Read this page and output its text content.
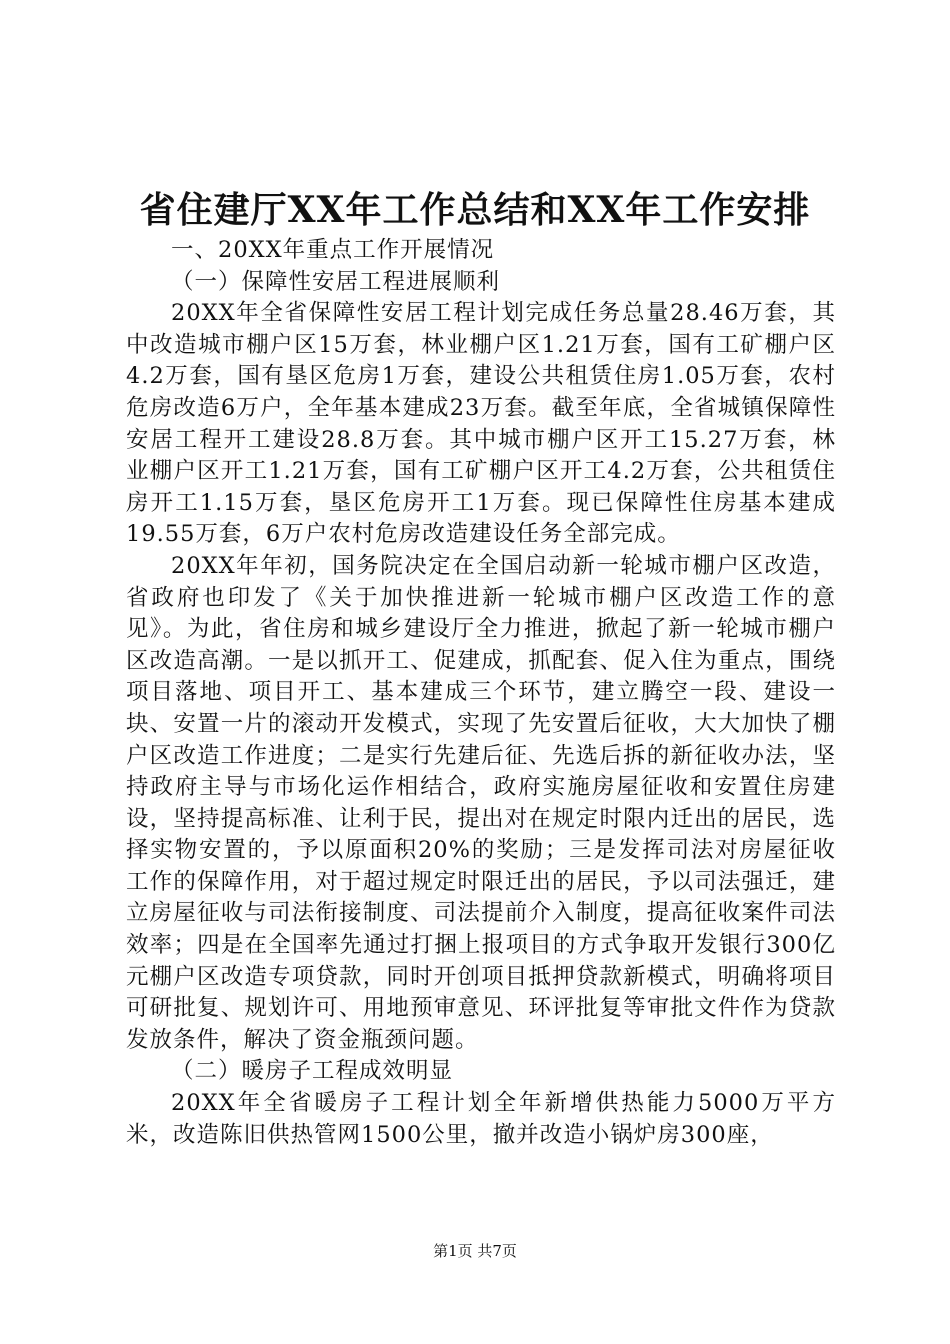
省住建厅XX年工作总结和XX年工作安排

一、20XX年重点工作开展情况

（一）保障性安居工程进展顺利

20XX年全省保障性安居工程计划完成任务总量28.46万套，其中改造城市棚户区15万套，林业棚户区1.21万套，国有工矿棚户区4.2万套，国有垦区危房1万套，建设公共租赁住房1.05万套，农村危房改造6万户，全年基本建成23万套。截至年底，全省城镇保障性安居工程开工建设28.8万套。其中城市棚户区开工15.27万套，林业棚户区开工1.21万套，国有工矿棚户区开工4.2万套，公共租赁住房开工1.15万套，垦区危房开工1万套。现已保障性住房基本建成19.55万套，6万户农村危房改造建设任务全部完成。

20XX年年初，国务院决定在全国启动新一轮城市棚户区改造，省政府也印发了《关于加快推进新一轮城市棚户区改造工作的意见》。为此，省住房和城乡建设厅全力推进，掀起了新一轮城市棚户区改造高潮。一是以抓开工、促建成，抓配套、促入住为重点，围绕项目落地、项目开工、基本建成三个环节，建立腾空一段、建设一块、安置一片的滚动开发模式，实现了先安置后征收，大大加快了棚户区改造工作进度；二是实行先建后征、先选后拆的新征收办法，坚持政府主导与市场化运作相结合，政府实施房屋征收和安置住房建设，坚持提高标准、让利于民，提出对在规定时限内迁出的居民，选择实物安置的，予以原面积20%的奖励；三是发挥司法对房屋征收工作的保障作用，对于超过规定时限迁出的居民，予以司法强迁，建立房屋征收与司法衔接制度、司法提前介入制度，提高征收案件司法效率；四是在全国率先通过打捆上报项目的方式争取开发银行300亿元棚户区改造专项贷款，同时开创项目抵押贷款新模式，明确将项目可研批复、规划许可、用地预审意见、环评批复等审批文件作为贷款发放条件，解决了资金瓶颈问题。

（二）暖房子工程成效明显

20XX年全省暖房子工程计划全年新增供热能力5000万平方米，改造陈旧供热管网1500公里，撤并改造小锅炉房300座，

第1页 共7页
